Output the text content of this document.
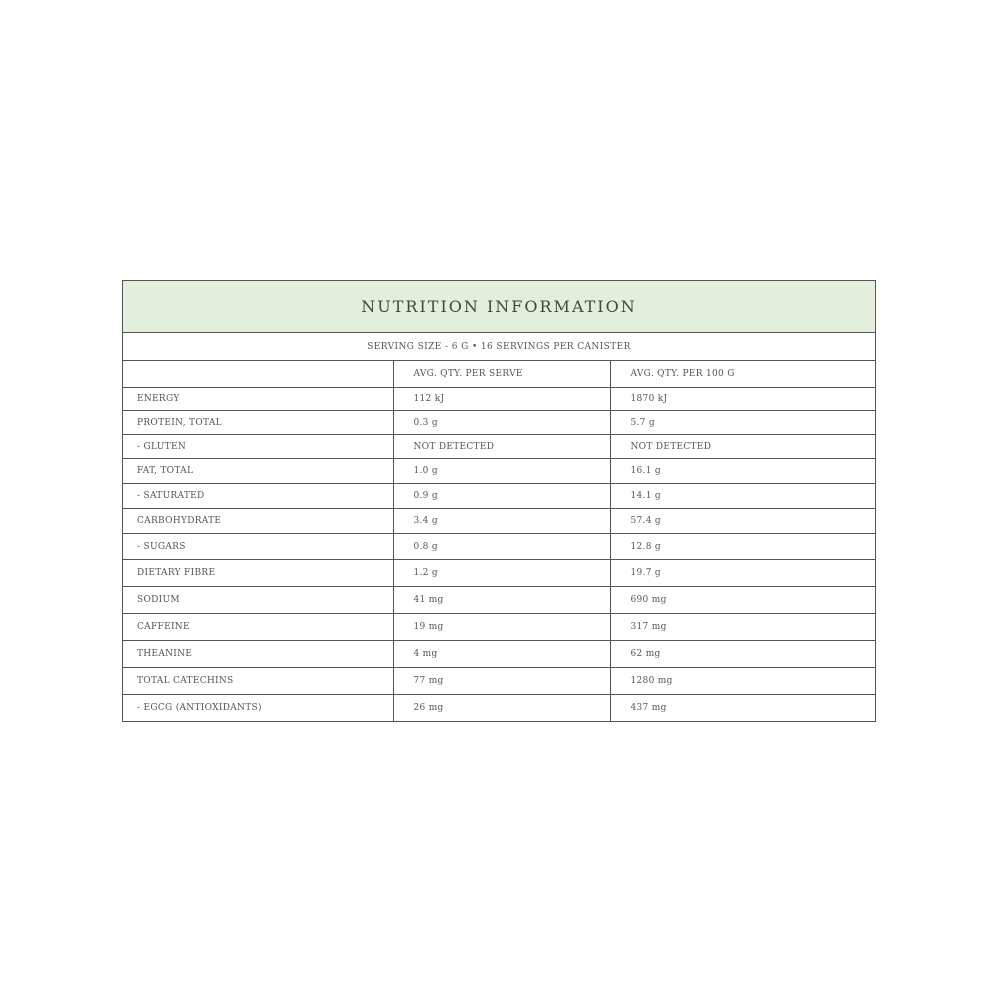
NUTRITION INFORMATION
SERVING SIZE - 6 G • 16 SERVINGS PER CANISTER
	AVG. QTY. PER SERVE	AVG. QTY. PER 100 G
ENERGY	112 kJ	1870 kJ
PROTEIN, TOTAL	0.3 g	5.7 g
- GLUTEN	NOT DETECTED	NOT DETECTED
FAT, TOTAL	1.0 g	16.1 g
- SATURATED	0.9 g	14.1 g
CARBOHYDRATE	3.4 g	57.4 g
- SUGARS	0.8 g	12.8 g
DIETARY FIBRE	1.2 g	19.7 g
SODIUM	41 mg	690 mg
CAFFEINE	19 mg	317 mg
THEANINE	4 mg	62 mg
TOTAL CATECHINS	77 mg	1280 mg
- EGCG (ANTIOXIDANTS)	26 mg	437 mg
